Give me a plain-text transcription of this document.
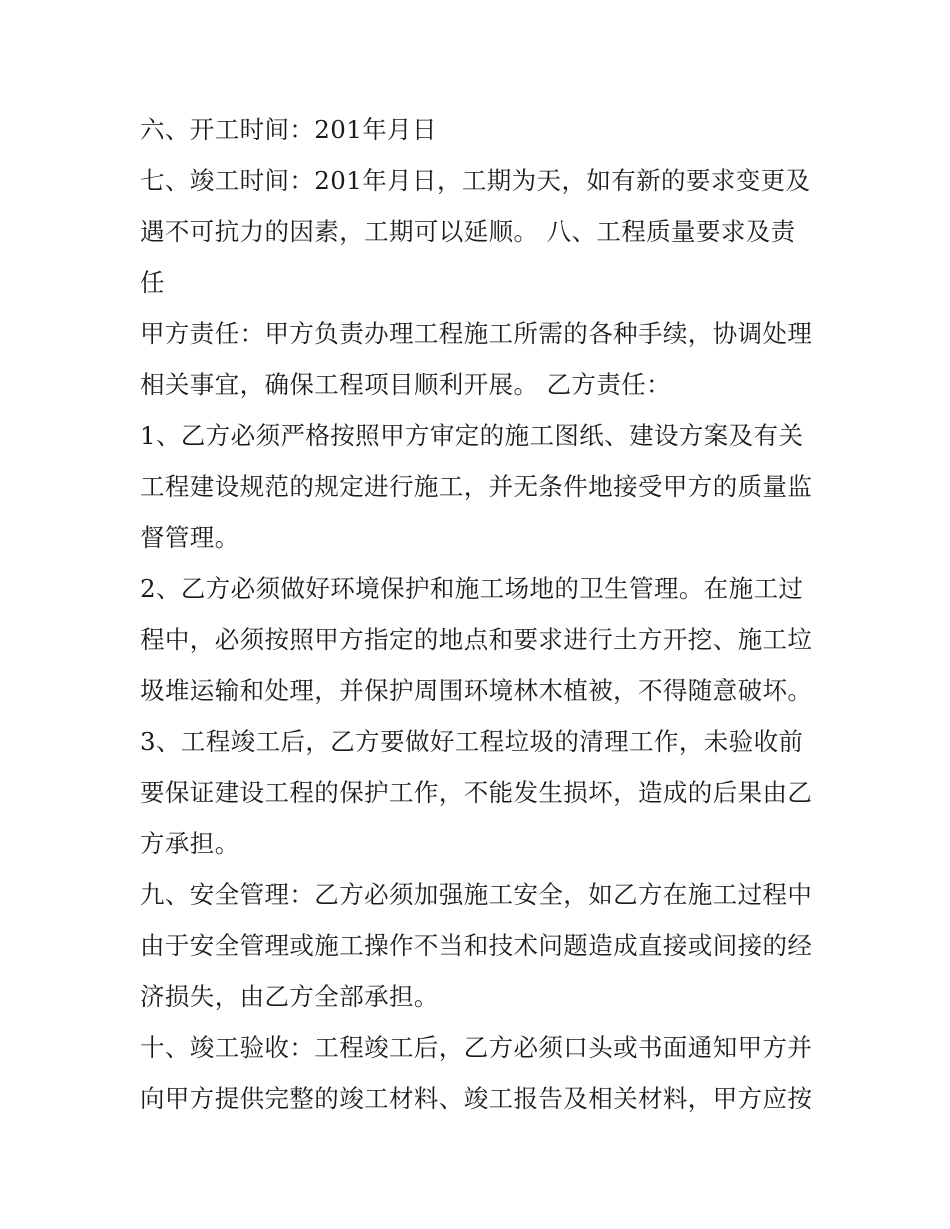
六、开工时间：201年月日
七、竣工时间：201年月日，工期为天，如有新的要求变更及
遇不可抗力的因素，工期可以延顺。 八、工程质量要求及责
任
甲方责任：甲方负责办理工程施工所需的各种手续，协调处理
相关事宜，确保工程项目顺利开展。 乙方责任：
1、乙方必须严格按照甲方审定的施工图纸、建设方案及有关
工程建设规范的规定进行施工，并无条件地接受甲方的质量监
督管理。
2、乙方必须做好环境保护和施工场地的卫生管理。在施工过
程中，必须按照甲方指定的地点和要求进行土方开挖、施工垃
圾堆运输和处理，并保护周围环境林木植被，不得随意破坏。
3、工程竣工后，乙方要做好工程垃圾的清理工作，未验收前
要保证建设工程的保护工作，不能发生损坏，造成的后果由乙
方承担。
九、安全管理：乙方必须加强施工安全，如乙方在施工过程中
由于安全管理或施工操作不当和技术问题造成直接或间接的经
济损失，由乙方全部承担。
十、竣工验收：工程竣工后，乙方必须口头或书面通知甲方并
向甲方提供完整的竣工材料、竣工报告及相关材料，甲方应按
